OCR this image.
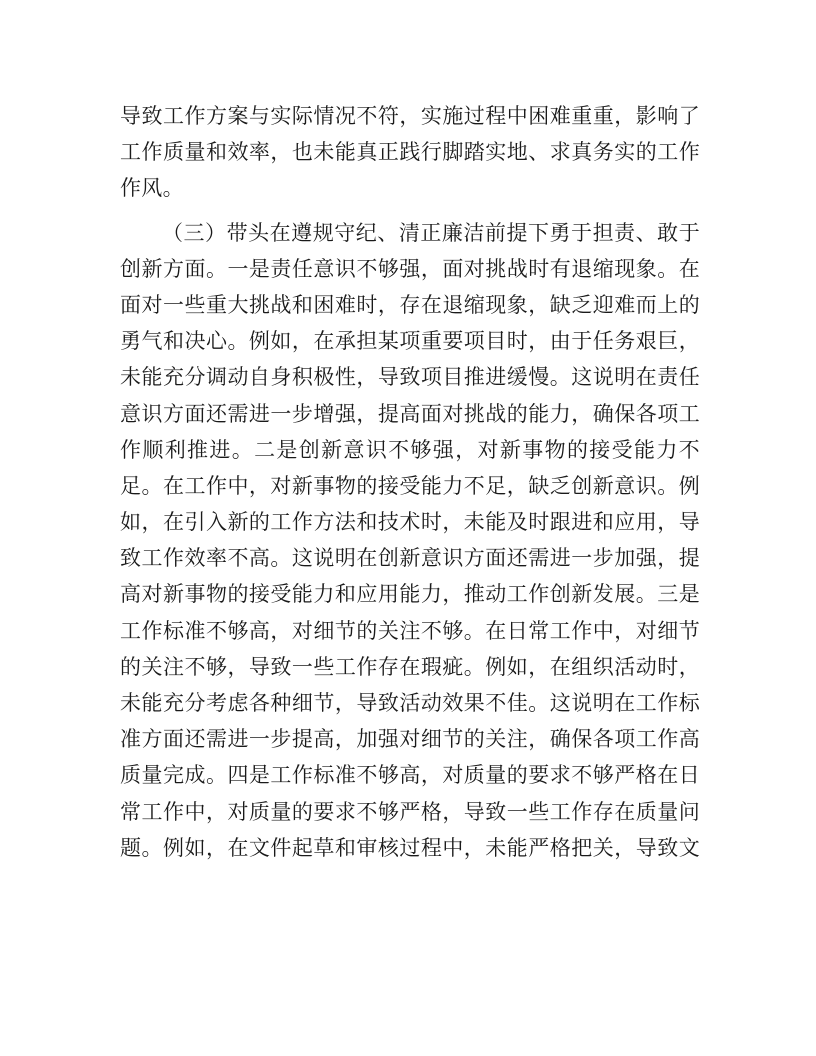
导致工作方案与实际情况不符，实施过程中困难重重，影响了
工作质量和效率，也未能真正践行脚踏实地、求真务实的工作
作风。
（三）带头在遵规守纪、清正廉洁前提下勇于担责、敢于
创新方面。一是责任意识不够强，面对挑战时有退缩现象。在
面对一些重大挑战和困难时，存在退缩现象，缺乏迎难而上的
勇气和决心。例如，在承担某项重要项目时，由于任务艰巨，
未能充分调动自身积极性，导致项目推进缓慢。这说明在责任
意识方面还需进一步增强，提高面对挑战的能力，确保各项工
作顺利推进。二是创新意识不够强，对新事物的接受能力不
足。在工作中，对新事物的接受能力不足，缺乏创新意识。例
如，在引入新的工作方法和技术时，未能及时跟进和应用，导
致工作效率不高。这说明在创新意识方面还需进一步加强，提
高对新事物的接受能力和应用能力，推动工作创新发展。三是
工作标准不够高，对细节的关注不够。在日常工作中，对细节
的关注不够，导致一些工作存在瑕疵。例如，在组织活动时，
未能充分考虑各种细节，导致活动效果不佳。这说明在工作标
准方面还需进一步提高，加强对细节的关注，确保各项工作高
质量完成。四是工作标准不够高，对质量的要求不够严格在日
常工作中，对质量的要求不够严格，导致一些工作存在质量问
题。例如，在文件起草和审核过程中，未能严格把关，导致文
